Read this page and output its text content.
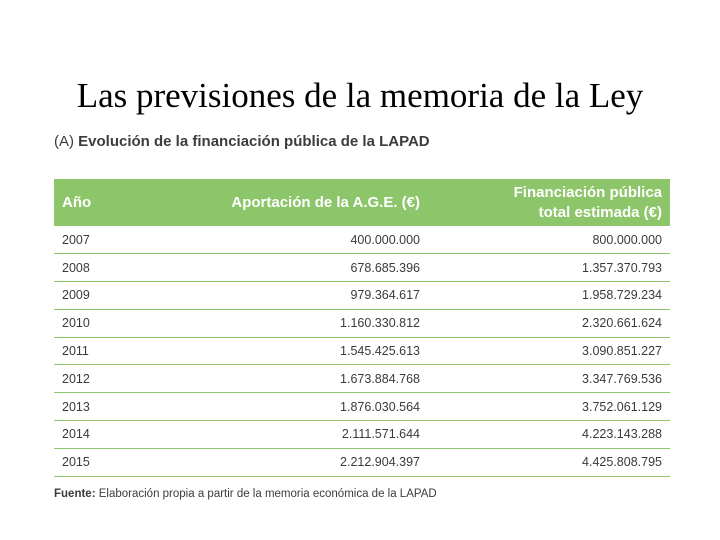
Las previsiones de la memoria de la Ley
(A) Evolución de la financiación pública de la LAPAD
Año	Aportación de la A.G.E. (€)	Financiación pública
total estimada (€)
2007	400.000.000	800.000.000
2008	678.685.396	1.357.370.793
2009	979.364.617	1.958.729.234
2010	1.160.330.812	2.320.661.624
2011	1.545.425.613	3.090.851.227
2012	1.673.884.768	3.347.769.536
2013	1.876.030.564	3.752.061.129
2014	2.111.571.644	4.223.143.288
2015	2.212.904.397	4.425.808.795
Fuente: Elaboración propia a partir de la memoria económica de la LAPAD
